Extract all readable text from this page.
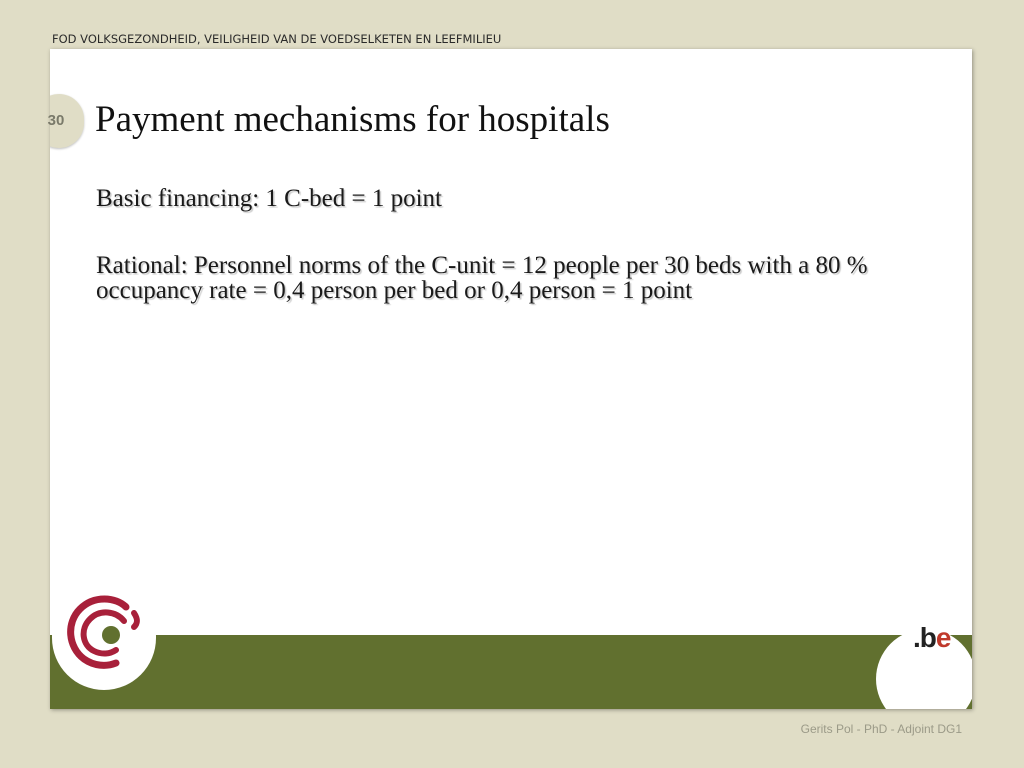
FOD VOLKSGEZONDHEID, VEILIGHEID VAN DE VOEDSELKETEN EN LEEFMILIEU
30 Payment mechanisms for hospitals
Basic financing: 1 C-bed = 1 point
Rational: Personnel norms of the C-unit = 12 people per 30 beds with a 80 % occupancy rate = 0,4 person per bed or 0,4 person = 1 point
.be
Gerits Pol - PhD - Adjoint DG1
